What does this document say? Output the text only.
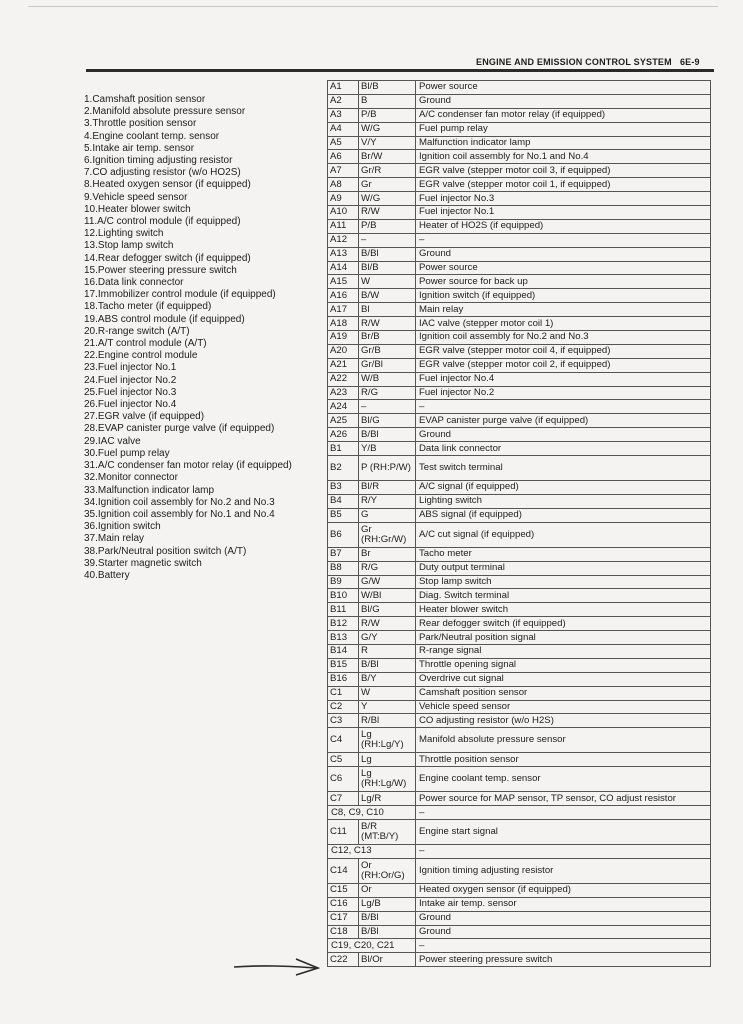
ENGINE AND EMISSION CONTROL SYSTEM 6E-9
1.Camshaft position sensor
2.Manifold absolute pressure sensor
3.Throttle position sensor
4.Engine coolant temp. sensor
5.Intake air temp. sensor
6.Ignition timing adjusting resistor
7.CO adjusting resistor (w/o HO2S)
8.Heated oxygen sensor (if equipped)
9.Vehicle speed sensor
10.Heater blower switch
11.A/C control module (if equipped)
12.Lighting switch
13.Stop lamp switch
14.Rear defogger switch (if equipped)
15.Power steering pressure switch
16.Data link connector
17.Immobilizer control module (if equipped)
18.Tacho meter (if equipped)
19.ABS control module (if equipped)
20.R-range switch (A/T)
21.A/T control module (A/T)
22.Engine control module
23.Fuel injector No.1
24.Fuel injector No.2
25.Fuel injector No.3
26.Fuel injector No.4
27.EGR valve (if equipped)
28.EVAP canister purge valve (if equipped)
29.IAC valve
30.Fuel pump relay
31.A/C condenser fan motor relay (if equipped)
32.Monitor connector
33.Malfunction indicator lamp
34.Ignition coil assembly for No.2 and No.3
35.Ignition coil assembly for No.1 and No.4
36.Ignition switch
37.Main relay
38.Park/Neutral position switch (A/T)
39.Starter magnetic switch
40.Battery
A1	Bl/B	Power source
A2	B	Ground
A3	P/B	A/C condenser fan motor relay (if equipped)
A4	W/G	Fuel pump relay
A5	V/Y	Malfunction indicator lamp
A6	Br/W	Ignition coil assembly for No.1 and No.4
A7	Gr/R	EGR valve (stepper motor coil 3, if equipped)
A8	Gr	EGR valve (stepper motor coil 1, if equipped)
A9	W/G	Fuel injector No.3
A10	R/W	Fuel injector No.1
A11	P/B	Heater of HO2S (if equipped)
A12	–	–
A13	B/Bl	Ground
A14	Bl/B	Power source
A15	W	Power source for back up
A16	B/W	Ignition switch (if equipped)
A17	Bl	Main relay
A18	R/W	IAC valve (stepper motor coil 1)
A19	Br/B	Ignition coil assembly for No.2 and No.3
A20	Gr/B	EGR valve (stepper motor coil 4, if equipped)
A21	Gr/Bl	EGR valve (stepper motor coil 2, if equipped)
A22	W/B	Fuel injector No.4
A23	R/G	Fuel injector No.2
A24	–	–
A25	Bl/G	EVAP canister purge valve (if equipped)
A26	B/Bl	Ground
B1	Y/B	Data link connector
B2	P (RH:P/W)	Test switch terminal
B3	Bl/R	A/C signal (if equipped)
B4	R/Y	Lighting switch
B5	G	ABS signal (if equipped)
B6	Gr (RH:Gr/W)	A/C cut signal (if equipped)
B7	Br	Tacho meter
B8	R/G	Duty output terminal
B9	G/W	Stop lamp switch
B10	W/Bl	Diag. Switch terminal
B11	Bl/G	Heater blower switch
B12	R/W	Rear defogger switch (if equipped)
B13	G/Y	Park/Neutral position signal
B14	R	R-range signal
B15	B/Bl	Throttle opening signal
B16	B/Y	Overdrive cut signal
C1	W	Camshaft position sensor
C2	Y	Vehicle speed sensor
C3	R/Bl	CO adjusting resistor (w/o H2S)
C4	Lg (RH:Lg/Y)	Manifold absolute pressure sensor
C5	Lg	Throttle position sensor
C6	Lg (RH:Lg/W)	Engine coolant temp. sensor
C7	Lg/R	Power source for MAP sensor, TP sensor, CO adjust resistor
C8, C9, C10		–
C11	B/R (MT:B/Y)	Engine start signal
C12, C13		–
C14	Or (RH:Or/G)	Ignition timing adjusting resistor
C15	Or	Heated oxygen sensor (if equipped)
C16	Lg/B	Intake air temp. sensor
C17	B/Bl	Ground
C18	B/Bl	Ground
C19, C20, C21		–
C22	Bl/Or	Power steering pressure switch
